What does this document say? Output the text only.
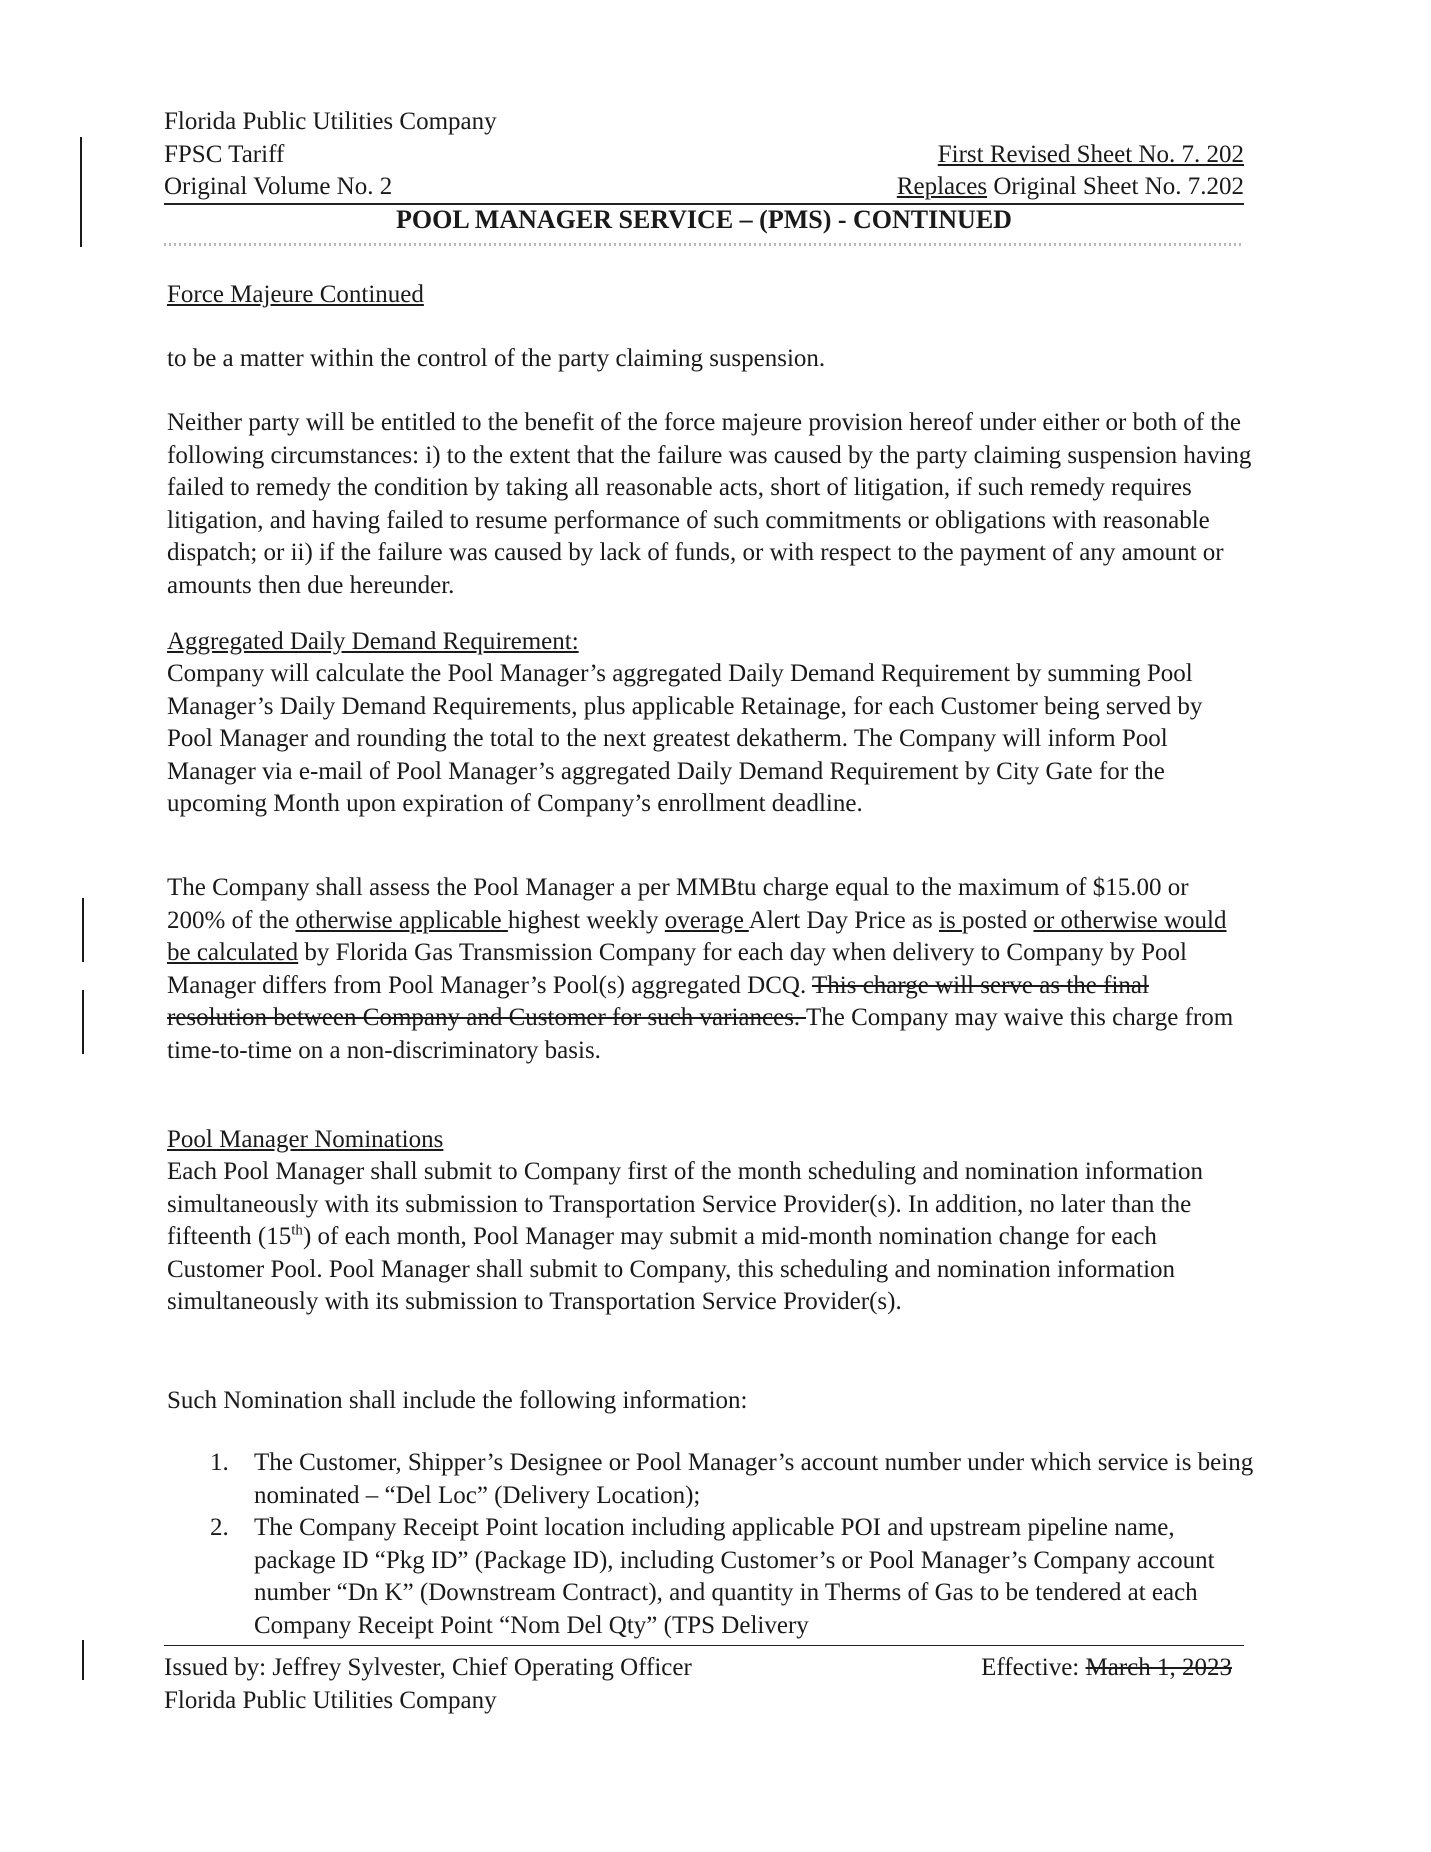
Florida Public Utilities Company
FPSC Tariff	First Revised Sheet No. 7. 202
Original Volume No. 2	Replaces Original Sheet No. 7.202
POOL MANAGER SERVICE – (PMS) - CONTINUED
Force Majeure Continued

to be a matter within the control of the party claiming suspension.

Neither party will be entitled to the benefit of the force majeure provision hereof under either or both of the following circumstances: i) to the extent that the failure was caused by the party claiming suspension having failed to remedy the condition by taking all reasonable acts, short of litigation, if such remedy requires litigation, and having failed to resume performance of such commitments or obligations with reasonable dispatch; or ii) if the failure was caused by lack of funds, or with respect to the payment of any amount or amounts then due hereunder.

Aggregated Daily Demand Requirement:

Company will calculate the Pool Manager’s aggregated Daily Demand Requirement by summing Pool Manager’s Daily Demand Requirements, plus applicable Retainage, for each Customer being served by Pool Manager and rounding the total to the next greatest dekatherm. The Company will inform Pool Manager via e-mail of Pool Manager’s aggregated Daily Demand Requirement by City Gate for the upcoming Month upon expiration of Company’s enrollment deadline.

The Company shall assess the Pool Manager a per MMBtu charge equal to the maximum of $15.00 or 200% of the otherwise applicable highest weekly overage Alert Day Price as is posted or otherwise would be calculated by Florida Gas Transmission Company for each day when delivery to Company by Pool Manager differs from Pool Manager’s Pool(s) aggregated DCQ. This charge will serve as the final resolution between Company and Customer for such variances. The Company may waive this charge from time-to-time on a non-discriminatory basis.

Pool Manager Nominations

Each Pool Manager shall submit to Company first of the month scheduling and nomination information simultaneously with its submission to Transportation Service Provider(s). In addition, no later than the fifteenth (15th) of each month, Pool Manager may submit a mid-month nomination change for each Customer Pool. Pool Manager shall submit to Company, this scheduling and nomination information simultaneously with its submission to Transportation Service Provider(s).

Such Nomination shall include the following information:

1. The Customer, Shipper’s Designee or Pool Manager’s account number under which service is being nominated – “Del Loc” (Delivery Location);
2. The Company Receipt Point location including applicable POI and upstream pipeline name, package ID “Pkg ID” (Package ID), including Customer’s or Pool Manager’s Company account number “Dn K” (Downstream Contract), and quantity in Therms of Gas to be tendered at each Company Receipt Point “Nom Del Qty” (TPS Delivery
Issued by: Jeffrey Sylvester, Chief Operating Officer	Effective: March 1, 2023
Florida Public Utilities Company
